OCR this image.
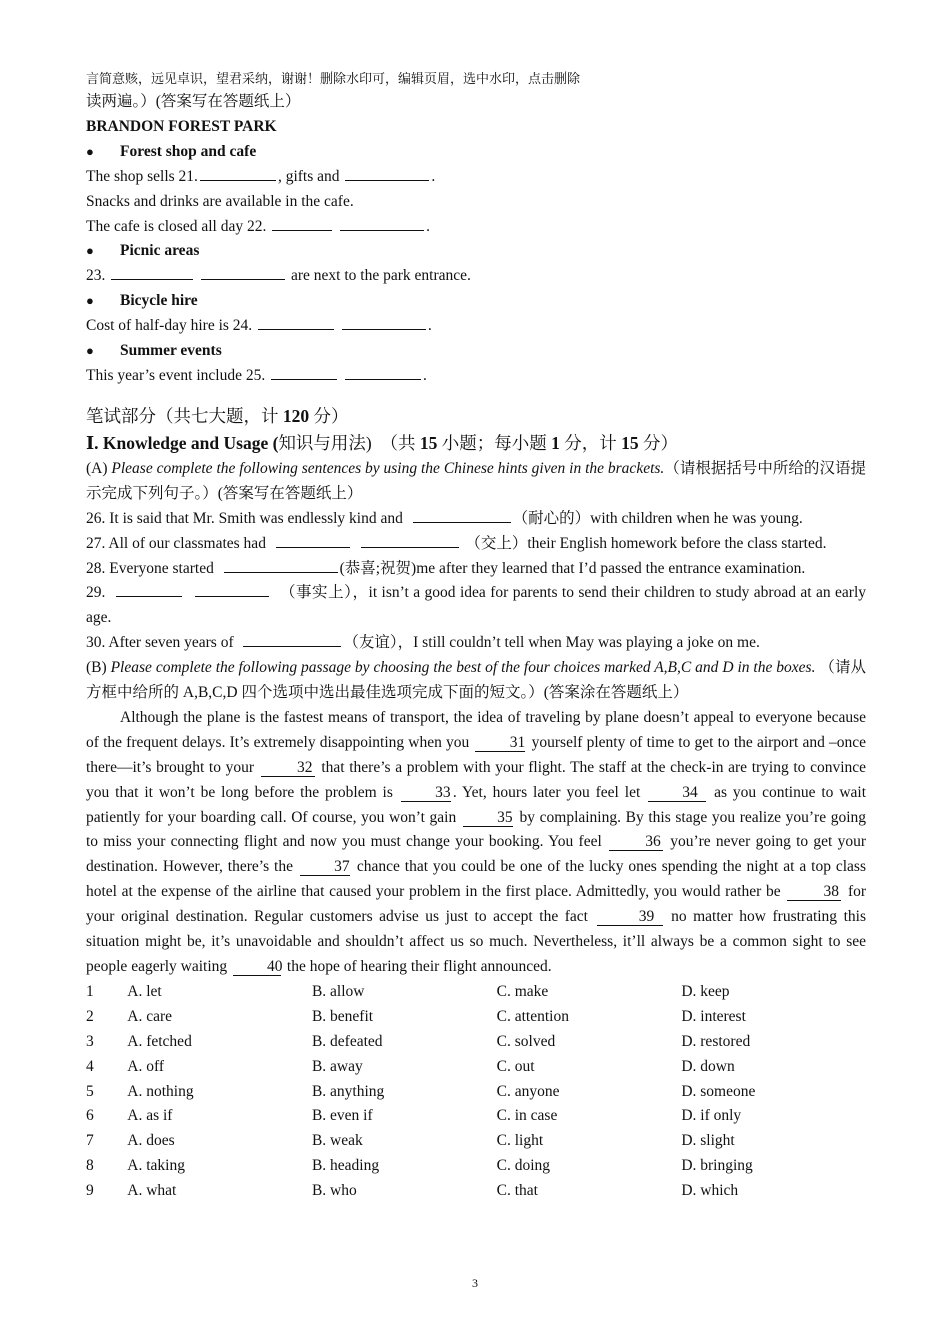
言简意赅，远见卓识，望君采纳，谢谢！删除水印可，编辑页眉，选中水印，点击删除
读两遍。）(答案写在答题纸上）
BRANDON FOREST PARK
● Forest shop and cafe
The shop sells 21.	, gifts and	.
Snacks and drinks are available in the cafe.
The cafe is closed all day 22.	.
● Picnic areas
23.	are next to the park entrance.
● Bicycle hire
Cost of half-day hire is 24.	.
● Summer events
This year’s event include 25.	.
笔试部分（共七大题，计 120 分）
Ⅰ. Knowledge and Usage (知识与用法) （共 15 小题；每小题 1 分，计 15 分）
(A) Please complete the following sentences by using the Chinese hints given in the brackets.（请根据括号中所给的汉语提示完成下列句子。）(答案写在答题纸上）
26. It is said that Mr. Smith was endlessly kind and	（耐心的）with children when he was young.
27. All of our classmates had	（交上）their English homework before the class started.
28. Everyone started	(恭喜;祝贺)me after they learned that I’d passed the entrance examination.
29.	（事实上），it isn’t a good idea for parents to send their children to study abroad at an early age.
30. After seven years of	（友谊），I still couldn’t tell when May was playing a joke on me.
(B) Please complete the following passage by choosing the best of the four choices marked A,B,C and D in the boxes. （请从方框中给所的 A,B,C,D 四个选项中选出最佳选项完成下面的短文。）(答案涂在答题纸上）
Although the plane is the fastest means of transport, the idea of traveling by plane doesn’t appeal to everyone because of the frequent delays. It’s extremely disappointing when you	31 yourself plenty of time to get to the airport and –once there—it’s brought to your	32 that there’s a problem with your flight. The staff at the check-in are trying to convince you that it won’t be long before the problem is	33 . Yet, hours later you feel let	34 as you continue to wait patiently for your boarding call. Of course, you won’t gain	35 by complaining. By this stage you realize you’re going to miss your connecting flight and now you must change your booking. You feel	36 you’re never going to get your destination. However, there’s the	37 chance that you could be one of the lucky ones spending the night at a top class hotel at the expense of the airline that caused your problem in the first place. Admittedly, you would rather be	38 for your original destination. Regular customers advise us just to accept the fact	39 no matter how frustrating this situation might be, it’s unavoidable and shouldn’t affect us so much. Nevertheless, it’ll always be a common sight to see people eagerly waiting	40 the hope of hearing their flight announced.
1	A. let	B. allow	C. make	D. keep
2	A. care	B. benefit	C. attention	D. interest
3	A. fetched	B. defeated	C. solved	D. restored
4	A. off	B. away	C. out	D. down
5	A. nothing	B. anything	C. anyone	D. someone
6	A. as if	B. even if	C. in case	D. if only
7	A. does	B. weak	C. light	D. slight
8	A. taking	B. heading	C. doing	D. bringing
9	A. what	B. who	C. that	D. which
3
